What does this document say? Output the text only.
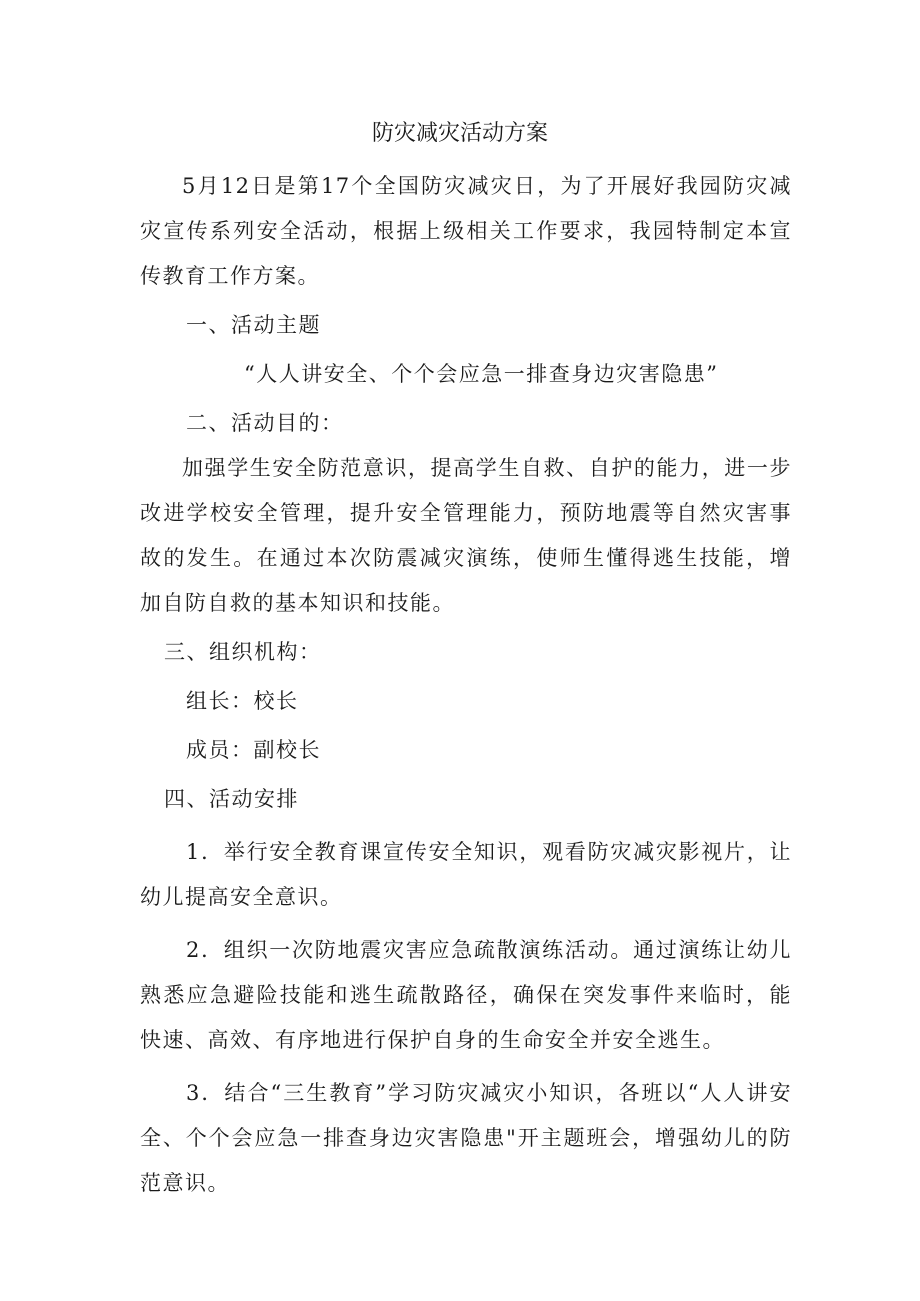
防灾减灾活动方案

5月12日是第17个全国防灾减灾日，为了开展好我园防灾减灾宣传系列安全活动，根据上级相关工作要求，我园特制定本宣传教育工作方案。

一、活动主题

“人人讲安全、个个会应急一排查身边灾害隐患”

二、活动目的：

加强学生安全防范意识，提高学生自救、自护的能力，进一步改进学校安全管理，提升安全管理能力，预防地震等自然灾害事故的发生。在通过本次防震减灾演练，使师生懂得逃生技能，增加自防自救的基本知识和技能。

三、组织机构：

组长：校长

成员：副校长

四、活动安排

1．举行安全教育课宣传安全知识，观看防灾减灾影视片，让幼儿提高安全意识。

2．组织一次防地震灾害应急疏散演练活动。通过演练让幼儿熟悉应急避险技能和逃生疏散路径，确保在突发事件来临时，能快速、高效、有序地进行保护自身的生命安全并安全逃生。

3．结合“三生教育”学习防灾减灾小知识，各班以“人人讲安全、个个会应急一排查身边灾害隐患"开主题班会，增强幼儿的防范意识。
